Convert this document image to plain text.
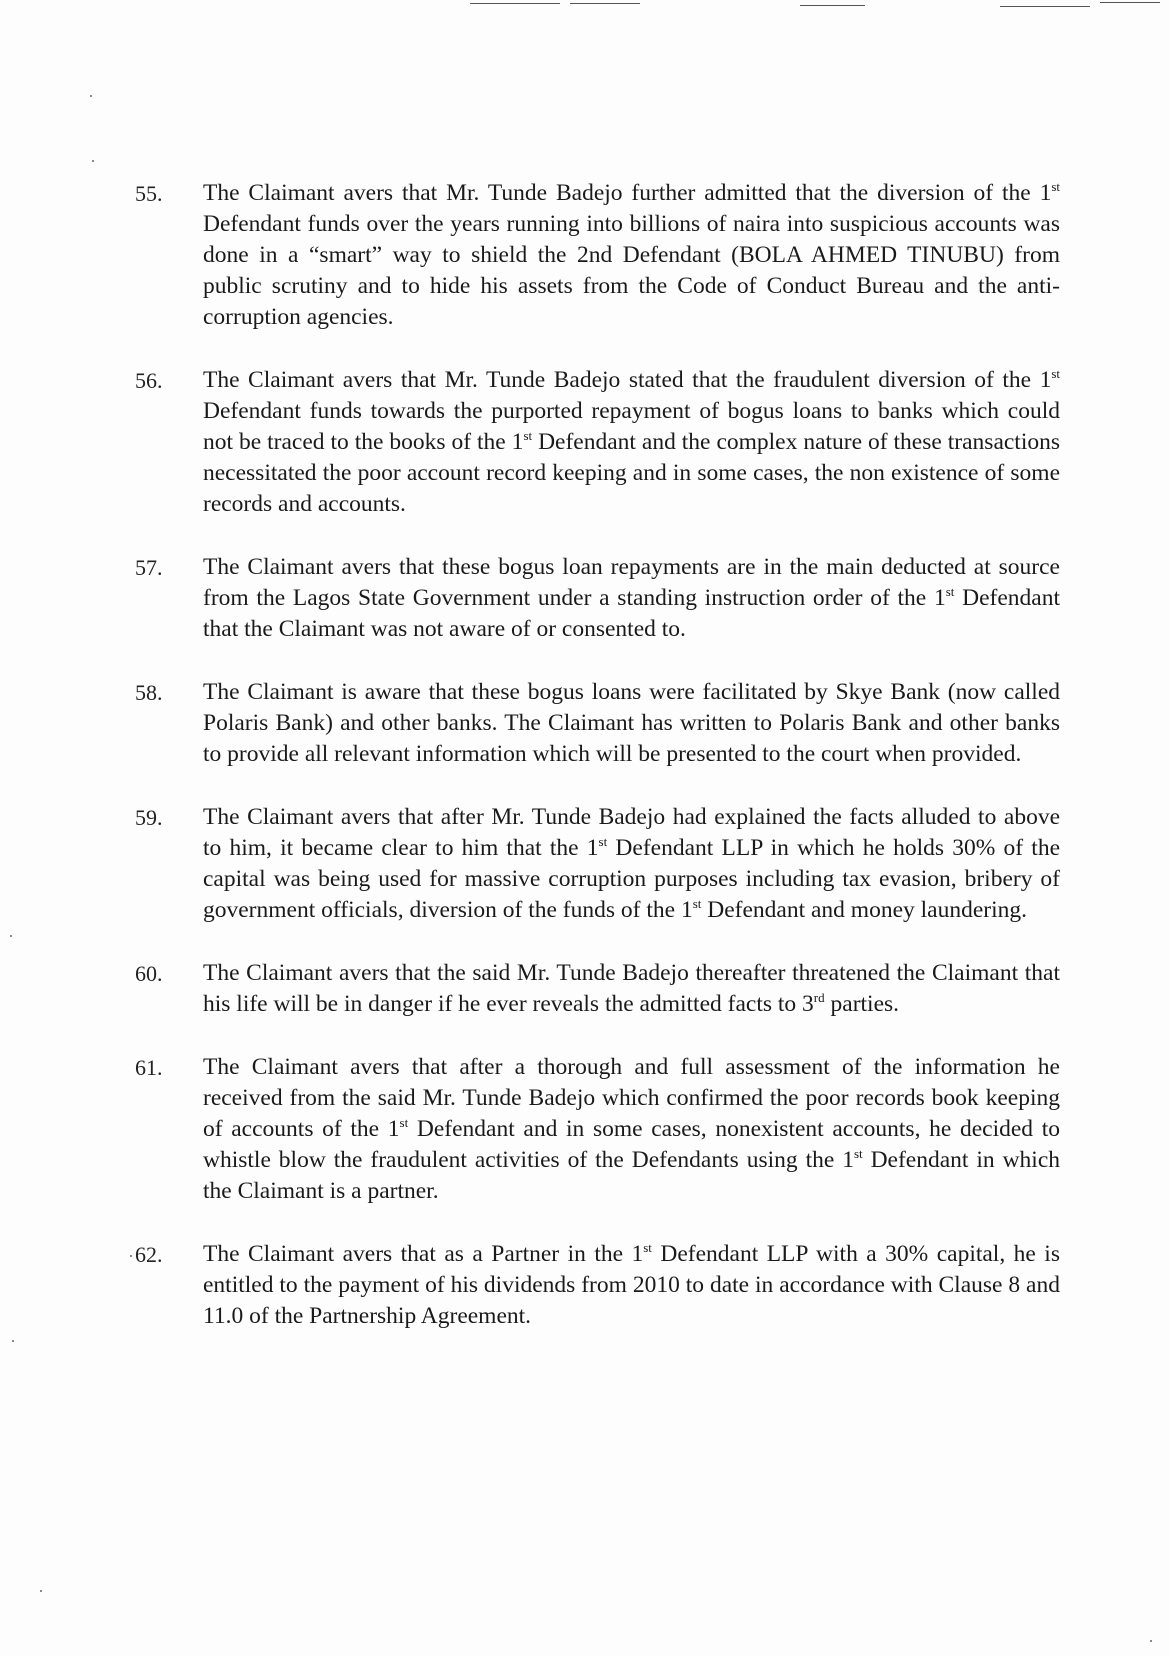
55. The Claimant avers that Mr. Tunde Badejo further admitted that the diversion of the 1st Defendant funds over the years running into billions of naira into suspicious accounts was done in a “smart” way to shield the 2nd Defendant (BOLA AHMED TINUBU) from public scrutiny and to hide his assets from the Code of Conduct Bureau and the anti-corruption agencies.
56. The Claimant avers that Mr. Tunde Badejo stated that the fraudulent diversion of the 1st Defendant funds towards the purported repayment of bogus loans to banks which could not be traced to the books of the 1st Defendant and the complex nature of these transactions necessitated the poor account record keeping and in some cases, the non existence of some records and accounts.
57. The Claimant avers that these bogus loan repayments are in the main deducted at source from the Lagos State Government under a standing instruction order of the 1st Defendant that the Claimant was not aware of or consented to.
58. The Claimant is aware that these bogus loans were facilitated by Skye Bank (now called Polaris Bank) and other banks. The Claimant has written to Polaris Bank and other banks to provide all relevant information which will be presented to the court when provided.
59. The Claimant avers that after Mr. Tunde Badejo had explained the facts alluded to above to him, it became clear to him that the 1st Defendant LLP in which he holds 30% of the capital was being used for massive corruption purposes including tax evasion, bribery of government officials, diversion of the funds of the 1st Defendant and money laundering.
60. The Claimant avers that the said Mr. Tunde Badejo thereafter threatened the Claimant that his life will be in danger if he ever reveals the admitted facts to 3rd parties.
61. The Claimant avers that after a thorough and full assessment of the information he received from the said Mr. Tunde Badejo which confirmed the poor records book keeping of accounts of the 1st Defendant and in some cases, nonexistent accounts, he decided to whistle blow the fraudulent activities of the Defendants using the 1st Defendant in which the Claimant is a partner.
62. The Claimant avers that as a Partner in the 1st Defendant LLP with a 30% capital, he is entitled to the payment of his dividends from 2010 to date in accordance with Clause 8 and 11.0 of the Partnership Agreement.
